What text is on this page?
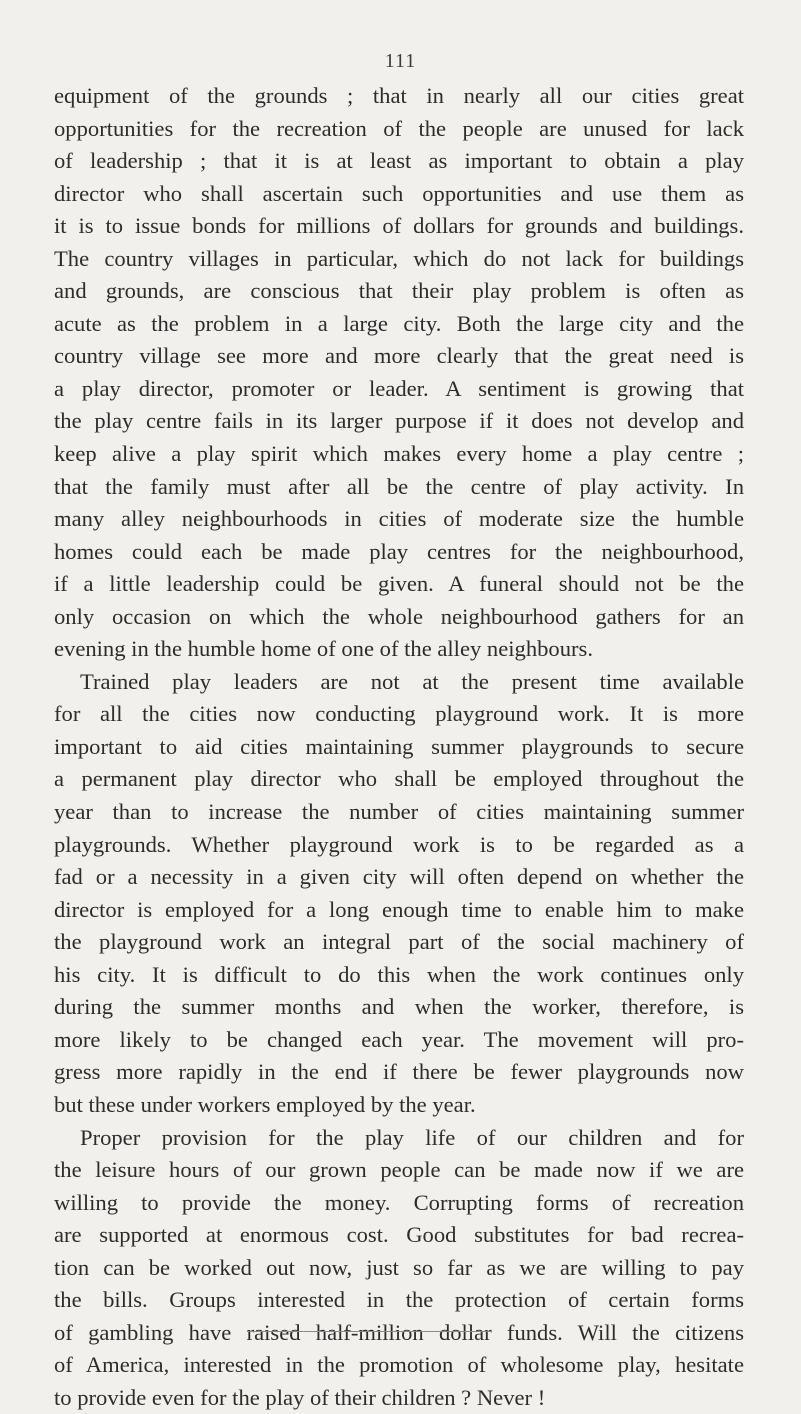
111
equipment of the grounds ; that in nearly all our cities great
opportunities for the recreation of the people are unused for lack
of leadership ; that it is at least as important to obtain a play
director who shall ascertain such opportunities and use them as
it is to issue bonds for millions of dollars for grounds and buildings.
The country villages in particular, which do not lack for buildings
and grounds, are conscious that their play problem is often as
acute as the problem in a large city. Both the large city and the
country village see more and more clearly that the great need is
a play director, promoter or leader. A sentiment is growing that
the play centre fails in its larger purpose if it does not develop and
keep alive a play spirit which makes every home a play centre ;
that the family must after all be the centre of play activity. In
many alley neighbourhoods in cities of moderate size the humble
homes could each be made play centres for the neighbourhood,
if a little leadership could be given. A funeral should not be the
only occasion on which the whole neighbourhood gathers for an
evening in the humble home of one of the alley neighbours.
Trained play leaders are not at the present time available
for all the cities now conducting playground work. It is more
important to aid cities maintaining summer playgrounds to secure
a permanent play director who shall be employed throughout the
year than to increase the number of cities maintaining summer
playgrounds. Whether playground work is to be regarded as a
fad or a necessity in a given city will often depend on whether the
director is employed for a long enough time to enable him to make
the playground work an integral part of the social machinery of
his city. It is difficult to do this when the work continues only
during the summer months and when the worker, therefore, is
more likely to be changed each year. The movement will pro-
gress more rapidly in the end if there be fewer playgrounds now
but these under workers employed by the year.
Proper provision for the play life of our children and for
the leisure hours of our grown people can be made now if we are
willing to provide the money. Corrupting forms of recreation
are supported at enormous cost. Good substitutes for bad recrea-
tion can be worked out now, just so far as we are willing to pay
the bills. Groups interested in the protection of certain forms
of gambling have raised half-million dollar funds. Will the citizens
of America, interested in the promotion of wholesome play, hesitate
to provide even for the play of their children ? Never !
